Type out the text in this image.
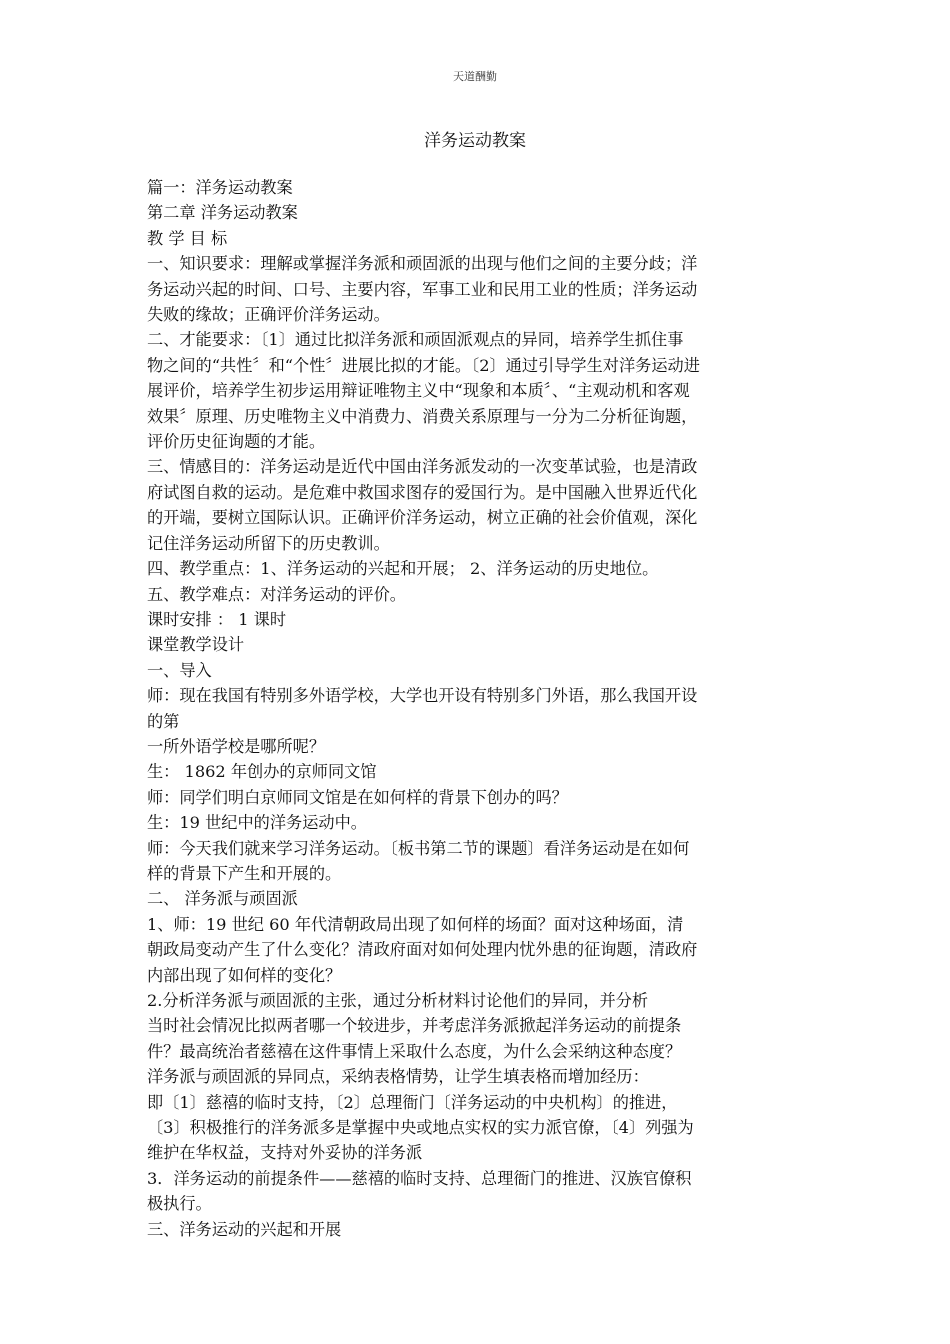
天道酬勤
洋务运动教案

篇一：洋务运动教案

第二章 洋务运动教案

教 学 目 标

一、知识要求：理解或掌握洋务派和顽固派的出现与他们之间的主要分歧；洋

务运动兴起的时间、口号、主要内容，军事工业和民用工业的性质；洋务运动

失败的缘故；正确评价洋务运动。

二、才能要求：〔1〕通过比拟洋务派和顽固派观点的异同，培养学生抓住事

物之间的“共性〞和“个性〞进展比拟的才能。〔2〕通过引导学生对洋务运动进

展评价，培养学生初步运用辩证唯物主义中“现象和本质〞、“主观动机和客观

效果〞原理、历史唯物主义中消费力、消费关系原理与一分为二分析征询题，

评价历史征询题的才能。

三、情感目的：洋务运动是近代中国由洋务派发动的一次变革试验，也是清政

府试图自救的运动。是危难中救国求图存的爱国行为。是中国融入世界近代化

的开端，要树立国际认识。正确评价洋务运动，树立正确的社会价值观，深化

记住洋务运动所留下的历史教训。

四、教学重点：1、洋务运动的兴起和开展； 2、洋务运动的历史地位。

五、教学难点：对洋务运动的评价。

课时安排 ： 1 课时

课堂教学设计

一、导入

师：现在我国有特别多外语学校，大学也开设有特别多门外语，那么我国开设

的第

一所外语学校是哪所呢？

生： 1862 年创办的京师同文馆

师：同学们明白京师同文馆是在如何样的背景下创办的吗？

生：19 世纪中的洋务运动中。

师：今天我们就来学习洋务运动。〔板书第二节的课题〕看洋务运动是在如何

样的背景下产生和开展的。

二、 洋务派与顽固派

1、师：19 世纪 60 年代清朝政局出现了如何样的场面？面对这种场面，清

朝政局变动产生了什么变化？清政府面对如何处理内忧外患的征询题，清政府

内部出现了如何样的变化？

2.分析洋务派与顽固派的主张，通过分析材料讨论他们的异同，并分析

当时社会情况比拟两者哪一个较进步，并考虑洋务派掀起洋务运动的前提条

件？最高统治者慈禧在这件事情上采取什么态度，为什么会采纳这种态度？

洋务派与顽固派的异同点，采纳表格情势，让学生填表格而增加经历：

即〔1〕慈禧的临时支持，〔2〕总理衙门〔洋务运动的中央机构〕的推进，

〔3〕积极推行的洋务派多是掌握中央或地点实权的实力派官僚，〔4〕列强为

维护在华权益，支持对外妥协的洋务派

3．洋务运动的前提条件——慈禧的临时支持、总理衙门的推进、汉族官僚积

极执行。

三、洋务运动的兴起和开展
